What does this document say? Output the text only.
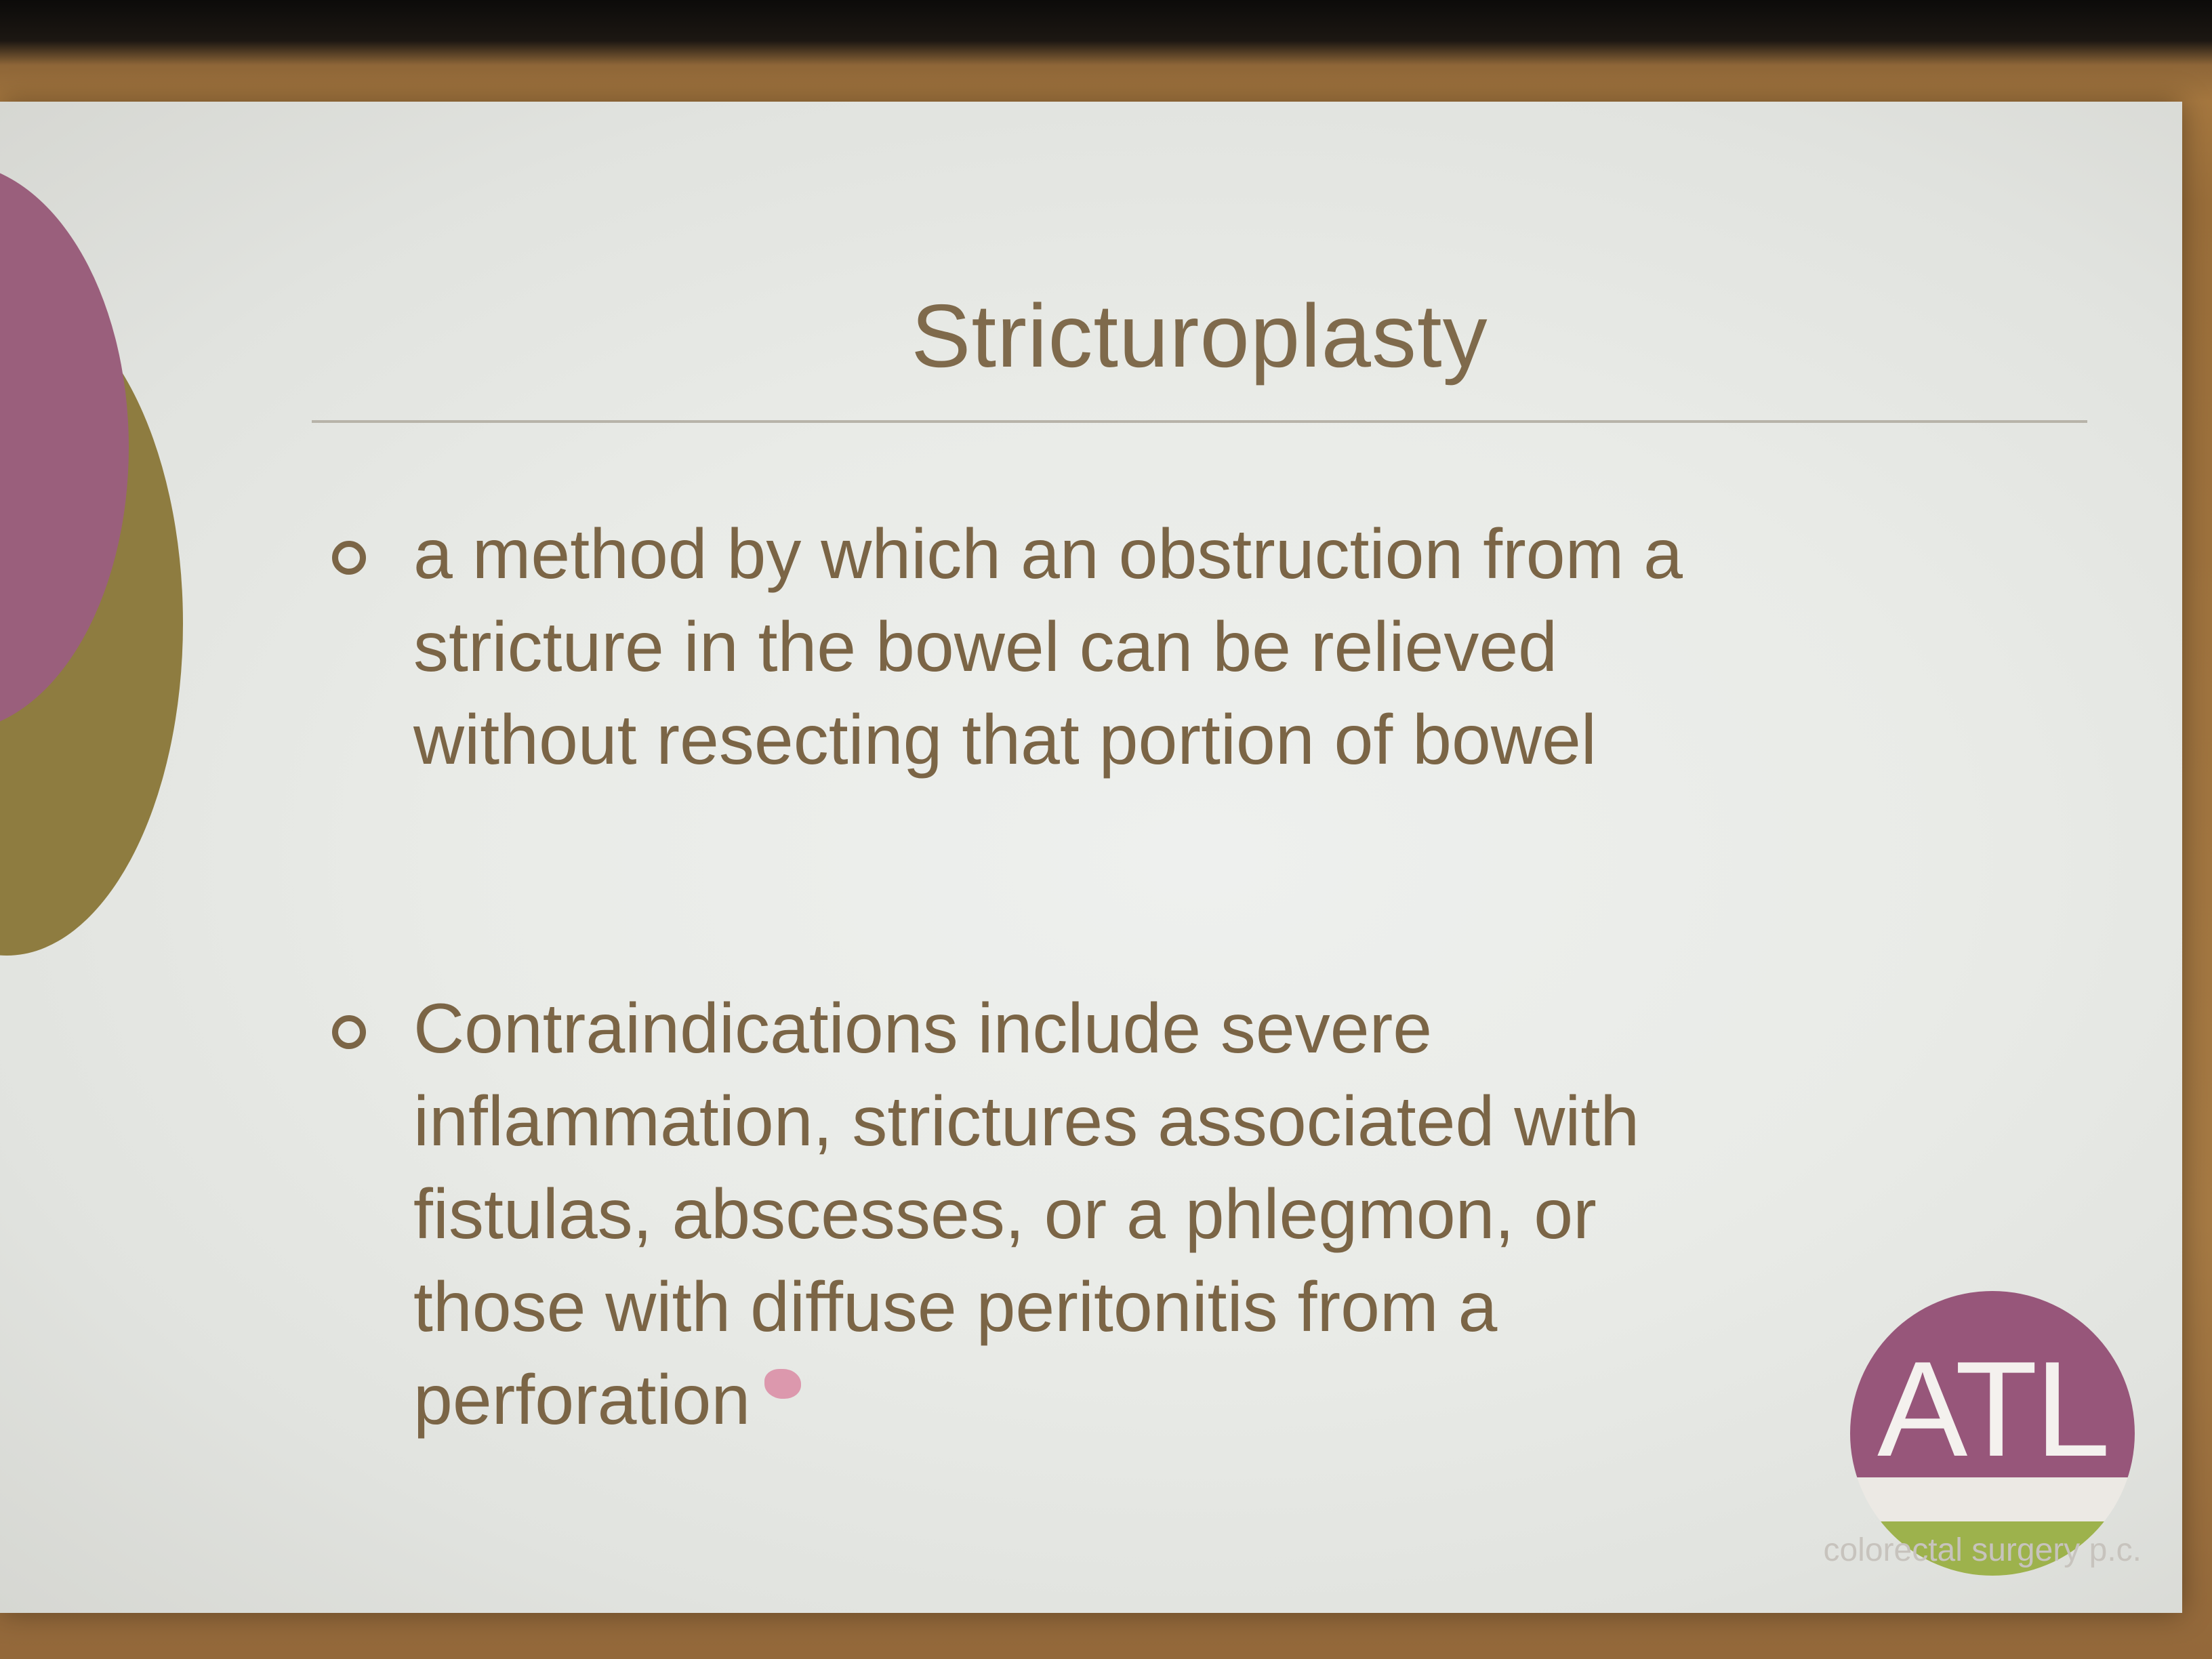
Stricturoplasty
a method by which an obstruction from a
stricture in the bowel can be relieved
without resecting that portion of bowel
Contraindications include severe
inflammation, strictures associated with
fistulas, abscesses, or a phlegmon, or
those with diffuse peritonitis from a
perforation	ATL
colorectal surgery p.c.
